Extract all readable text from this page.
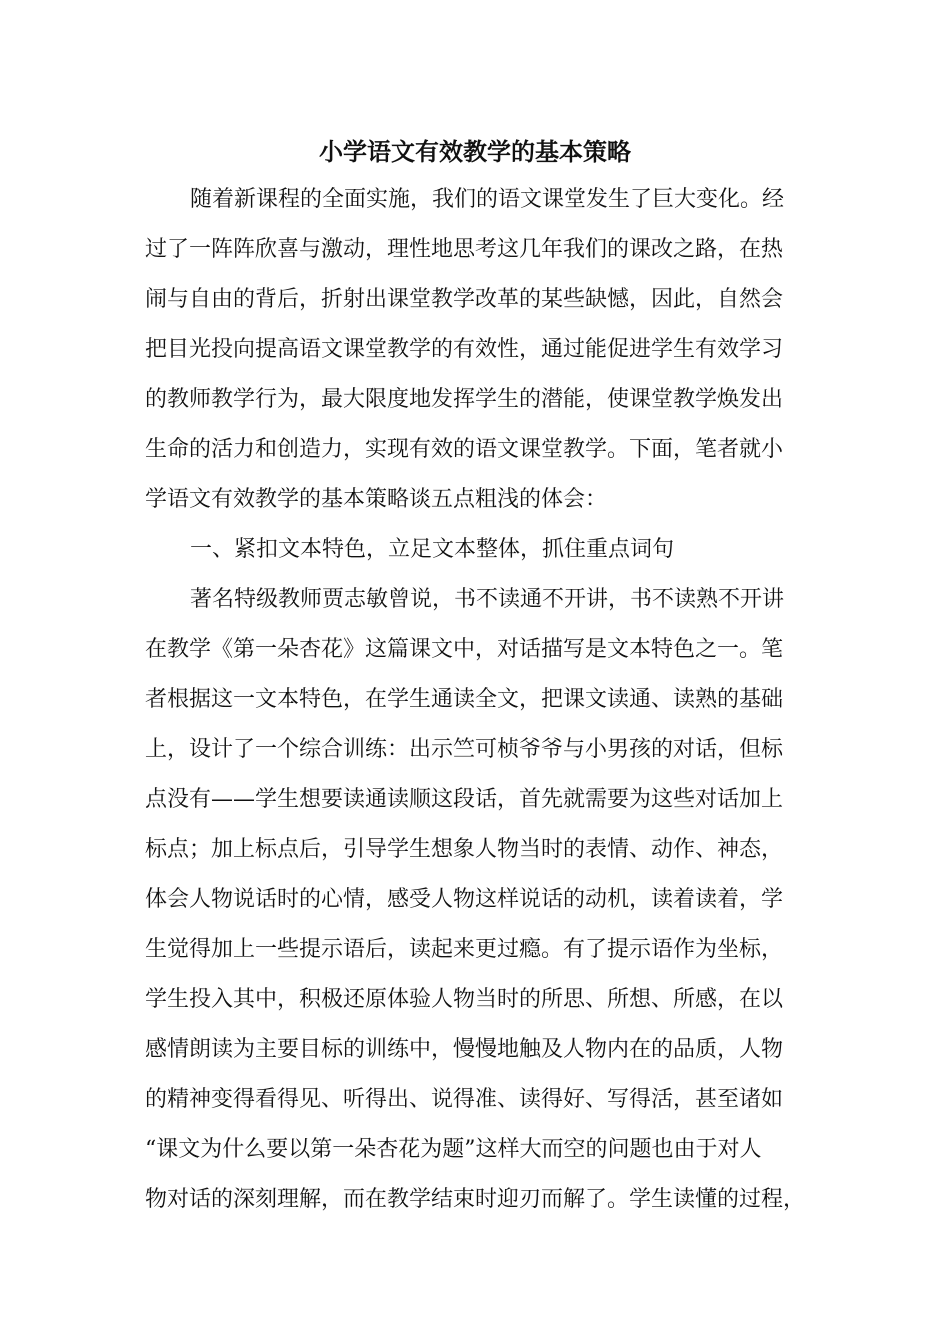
小学语文有效教学的基本策略
随着新课程的全面实施，我们的语文课堂发生了巨大变化。经
过了一阵阵欣喜与激动，理性地思考这几年我们的课改之路，在热
闹与自由的背后，折射出课堂教学改革的某些缺憾，因此，自然会
把目光投向提高语文课堂教学的有效性，通过能促进学生有效学习
的教师教学行为，最大限度地发挥学生的潜能，使课堂教学焕发出
生命的活力和创造力，实现有效的语文课堂教学。下面，笔者就小
学语文有效教学的基本策略谈五点粗浅的体会：
一、紧扣文本特色，立足文本整体，抓住重点词句
著名特级教师贾志敏曾说，书不读通不开讲，书不读熟不开讲
在教学《第一朵杏花》这篇课文中，对话描写是文本特色之一。笔
者根据这一文本特色，在学生通读全文，把课文读通、读熟的基础
上，设计了一个综合训练：出示竺可桢爷爷与小男孩的对话，但标
点没有——学生想要读通读顺这段话，首先就需要为这些对话加上
标点；加上标点后，引导学生想象人物当时的表情、动作、神态，
体会人物说话时的心情，感受人物这样说话的动机，读着读着，学
生觉得加上一些提示语后，读起来更过瘾。有了提示语作为坐标，
学生投入其中，积极还原体验人物当时的所思、所想、所感，在以
感情朗读为主要目标的训练中，慢慢地触及人物内在的品质，人物
的精神变得看得见、听得出、说得准、读得好、写得活，甚至诸如
“课文为什么要以第一朵杏花为题”这样大而空的问题也由于对人
物对话的深刻理解，而在教学结束时迎刃而解了。学生读懂的过程，
